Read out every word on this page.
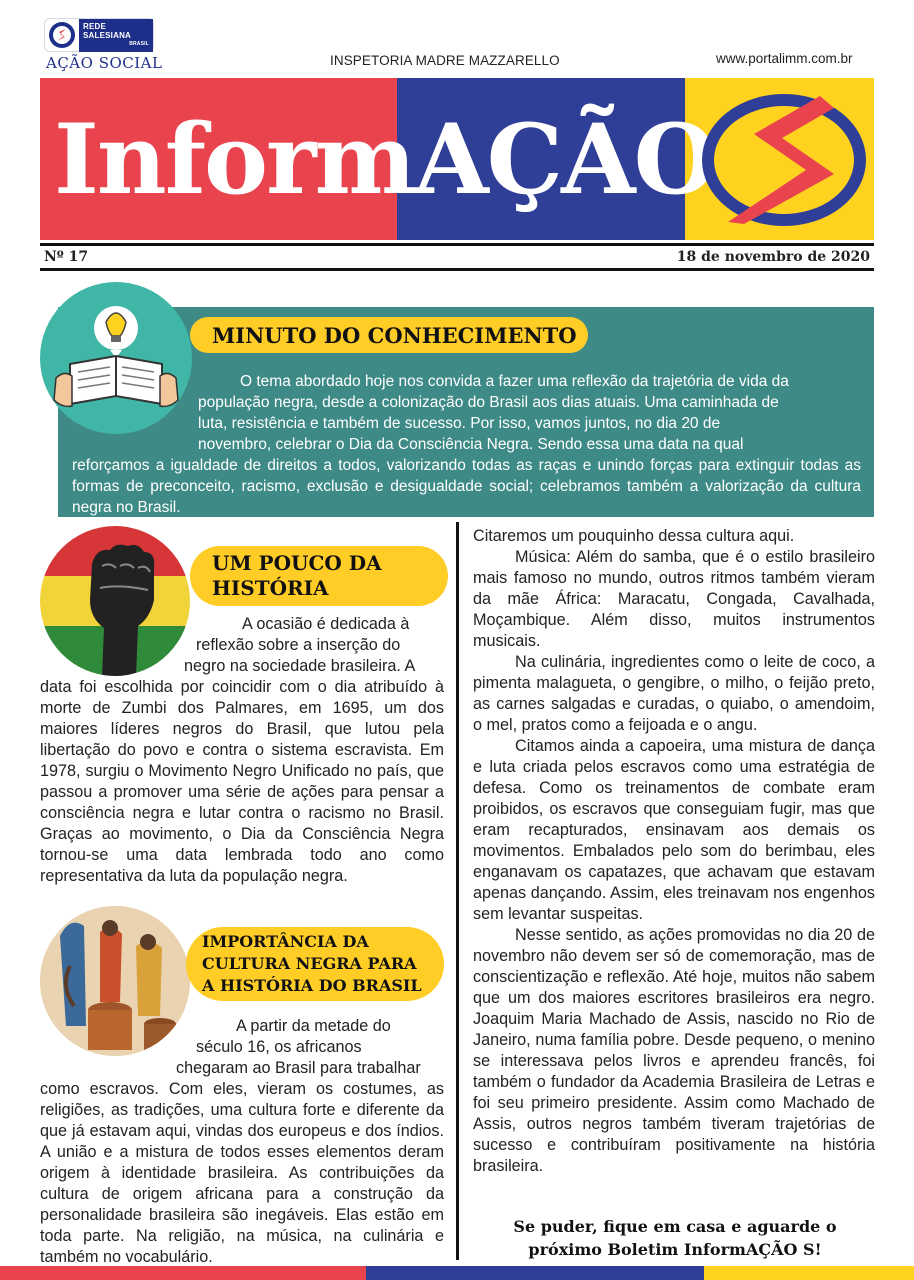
REDE SALESIANA
BRASIL
AÇÃO SOCIAL	INSPETORIA MADRE MAZZARELLO	www.portalimm.com.br
InformAÇÃO
Nº 17	18 de novembro de 2020
MINUTO DO CONHECIMENTO
O tema abordado hoje nos convida a fazer uma reflexão da trajetória de vida da
população negra, desde a colonização do Brasil aos dias atuais. Uma caminhada de
luta, resistência e também de sucesso. Por isso, vamos juntos, no dia 20 de
novembro, celebrar o Dia da Consciência Negra. Sendo essa uma data na qual
reforçamos a igualdade de direitos a todos, valorizando todas as raças e unindo forças para extinguir todas as formas de preconceito, racismo, exclusão e desigualdade social; celebramos também a valorização da cultura negra no Brasil.
UM POUCO DA
HISTÓRIA
A ocasião é dedicada à
reflexão sobre a inserção do
negro na sociedade brasileira. A
data foi escolhida por coincidir com o dia atribuído à morte de Zumbi dos Palmares, em 1695, um dos maiores líderes negros do Brasil, que lutou pela libertação do povo e contra o sistema escravista. Em 1978, surgiu o Movimento Negro Unificado no país, que passou a promover uma série de ações para pensar a consciência negra e lutar contra o racismo no Brasil. Graças ao movimento, o Dia da Consciência Negra tornou-se uma data lembrada todo ano como representativa da luta da população negra.
IMPORTÂNCIA DA
CULTURA NEGRA PARA
A HISTÓRIA DO BRASIL
A partir da metade do
século 16, os africanos
chegaram ao Brasil para trabalhar
como escravos. Com eles, vieram os costumes, as religiões, as tradições, uma cultura forte e diferente da que já estavam aqui, vindas dos europeus e dos índios. A união e a mistura de todos esses elementos deram origem à identidade brasileira. As contribuições da cultura de origem africana para a construção da personalidade brasileira são inegáveis. Elas estão em toda parte. Na religião, na música, na culinária e também no vocabulário.

Citaremos um pouquinho dessa cultura aqui.

Música: Além do samba, que é o estilo brasileiro mais famoso no mundo, outros ritmos também vieram da mãe África: Maracatu, Congada, Cavalhada, Moçambique. Além disso, muitos instrumentos musicais.

Na culinária, ingredientes como o leite de coco, a pimenta malagueta, o gengibre, o milho, o feijão preto, as carnes salgadas e curadas, o quiabo, o amendoim, o mel, pratos como a feijoada e o angu.

Citamos ainda a capoeira, uma mistura de dança e luta criada pelos escravos como uma estratégia de defesa. Como os treinamentos de combate eram proibidos, os escravos que conseguiam fugir, mas que eram recapturados, ensinavam aos demais os movimentos. Embalados pelo som do berimbau, eles enganavam os capatazes, que achavam que estavam apenas dançando. Assim, eles treinavam nos engenhos sem levantar suspeitas.

Nesse sentido, as ações promovidas no dia 20 de novembro não devem ser só de comemoração, mas de conscientização e reflexão. Até hoje, muitos não sabem que um dos maiores escritores brasileiros era negro. Joaquim Maria Machado de Assis, nascido no Rio de Janeiro, numa família pobre. Desde pequeno, o menino se interessava pelos livros e aprendeu francês, foi também o fundador da Academia Brasileira de Letras e foi seu primeiro presidente. Assim como Machado de Assis, outros negros também tiveram trajetórias de sucesso e contribuíram positivamente na história brasileira.

Se puder, fique em casa e aguarde o
próximo Boletim InformAÇÃO S!
